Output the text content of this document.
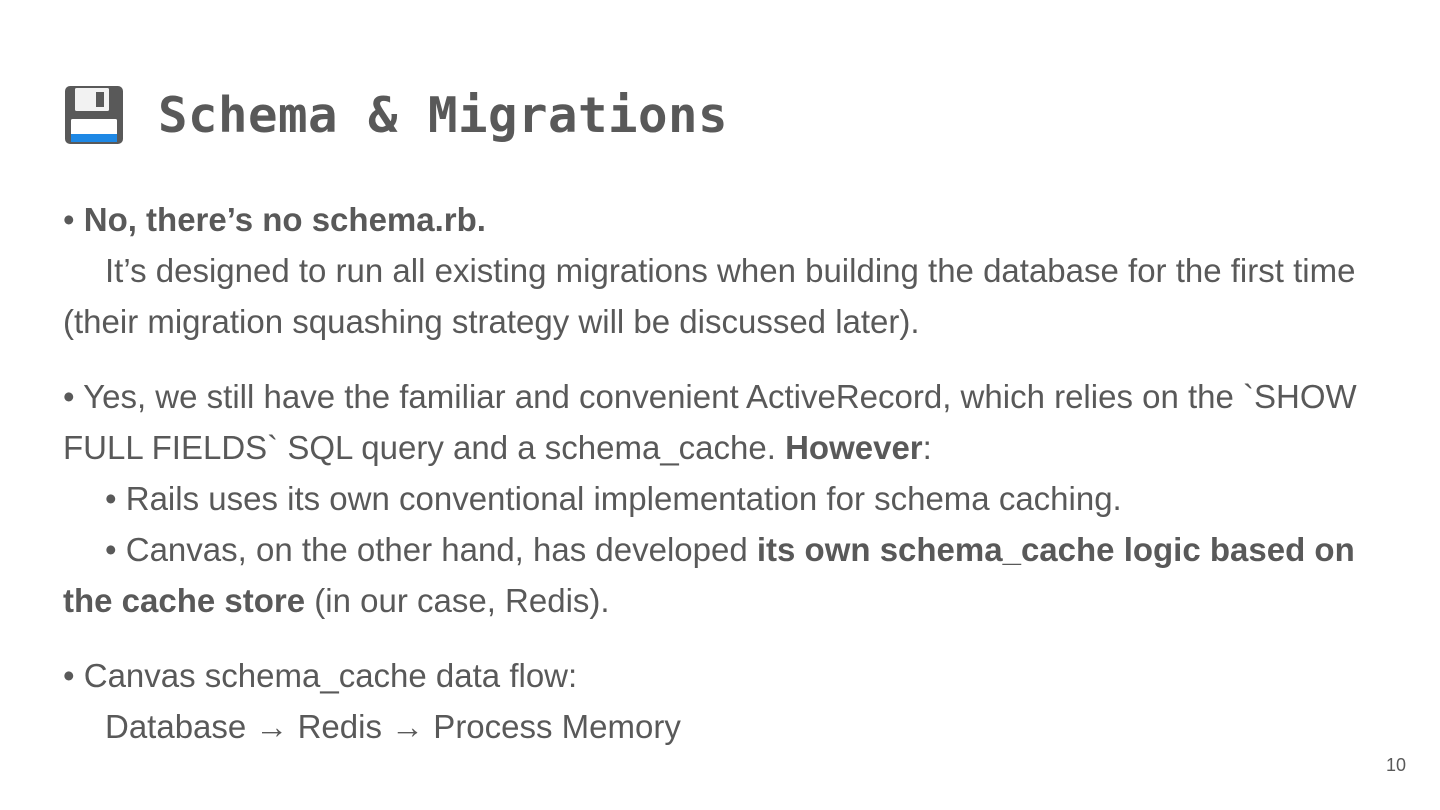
Schema & Migrations

• No, there’s no schema.rb.
It’s designed to run all existing migrations when building the database for the first time (their migration squashing strategy will be discussed later).

• Yes, we still have the familiar and convenient ActiveRecord, which relies on the `SHOW FULL FIELDS` SQL query and a schema_cache. However:
• Rails uses its own conventional implementation for schema caching.
• Canvas, on the other hand, has developed its own schema_cache logic based on the cache store (in our case, Redis).

• Canvas schema_cache data flow:
Database → Redis → Process Memory

10
